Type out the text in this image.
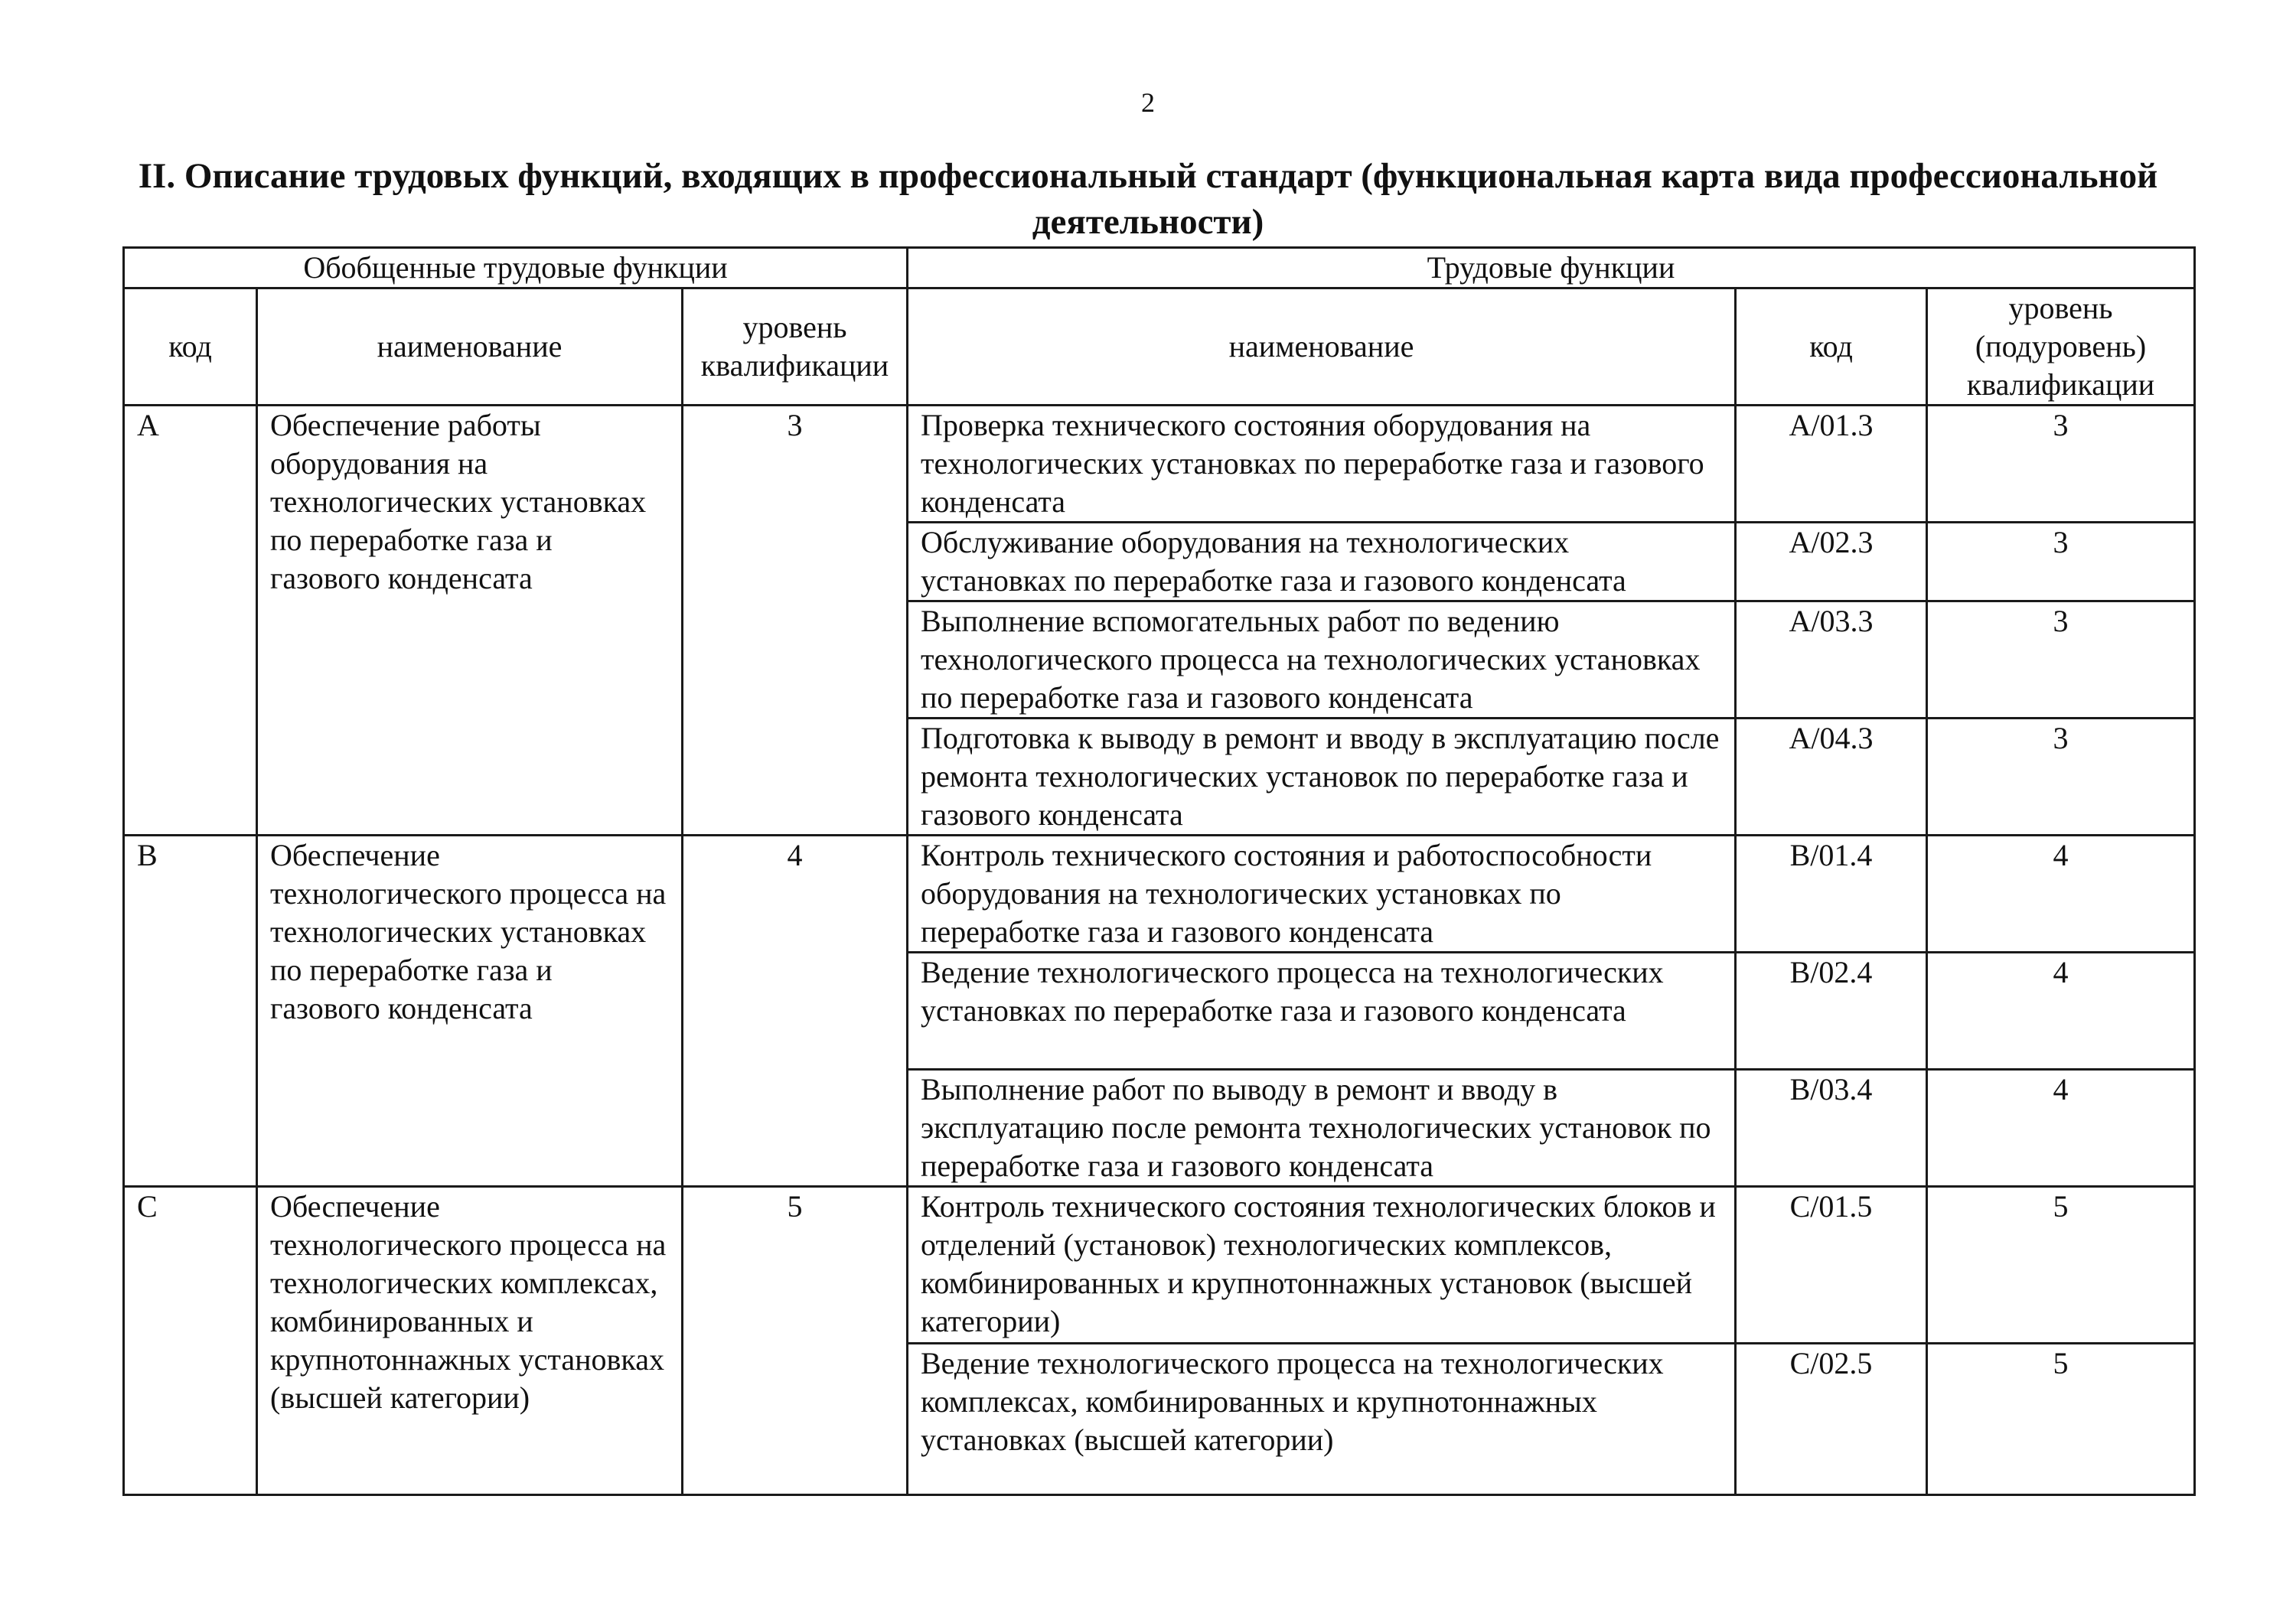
2
II. Описание трудовых функций, входящих в профессиональный стандарт (функциональная карта вида профессиональной деятельности)
Обобщенные трудовые функции			Трудовые функции		
код	наименование	уровень квалификации	наименование	код	уровень (подуровень) квалификации
A	Обеспечение работы оборудования на технологических установках по переработке газа и газового конденсата	3	Проверка технического состояния оборудования на технологических установках по переработке газа и газового конденсата	A/01.3	3
			Обслуживание оборудования на технологических установках по переработке газа и газового конденсата	A/02.3	3
			Выполнение вспомогательных работ по ведению технологического процесса на технологических установках по переработке газа и газового конденсата	A/03.3	3
			Подготовка к выводу в ремонт и вводу в эксплуатацию после ремонта технологических установок по переработке газа и газового конденсата	A/04.3	3
B	Обеспечение технологического процесса на технологических установках по переработке газа и газового конденсата	4	Контроль технического состояния и работоспособности оборудования на технологических установках по переработке газа и газового конденсата	B/01.4	4
			Ведение технологического процесса на технологических установках по переработке газа и газового конденсата	B/02.4	4
			Выполнение работ по выводу в ремонт и вводу в эксплуатацию после ремонта технологических установок по переработке газа и газового конденсата	B/03.4	4
C	Обеспечение технологического процесса на технологических комплексах, комбинированных и крупнотоннажных установках (высшей категории)	5	Контроль технического состояния технологических блоков и отделений (установок) технологических комплексов, комбинированных и крупнотоннажных установок (высшей категории)	C/01.5	5
			Ведение технологического процесса на технологических комплексах, комбинированных и крупнотоннажных установках (высшей категории)	C/02.5	5
